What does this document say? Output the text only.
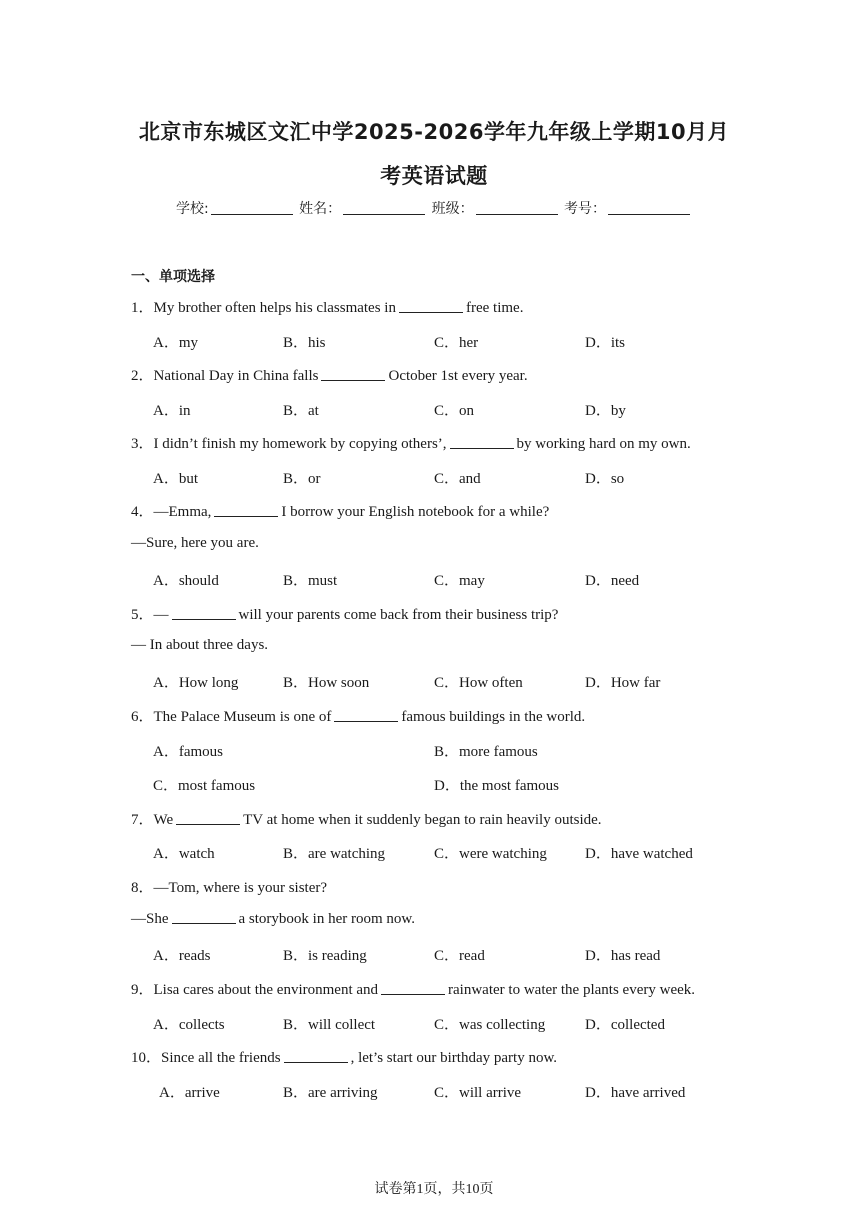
北京市东城区文汇中学2025-2026学年九年级上学期10月月
考英语试题
学校:	姓名：	班级：	考号：
一、单项选择
1．My brother often helps his classmates in	free time.
A．my	B．his	C．her	D．its
2．National Day in China falls	October 1st every year.
A．in	B．at	C．on	D．by
3．I didn’t finish my homework by copying others’,	by working hard on my own.
A．but	B．or	C．and	D．so
4．—Emma,	I borrow your English notebook for a while?
—Sure, here you are.
A．should	B．must	C．may	D．need
5．—	will your parents come back from their business trip?
— In about three days.
A．How long	B．How soon	C．How often	D．How far
6．The Palace Museum is one of	famous buildings in the world.
A．famous	B．more famous
C．most famous	D．the most famous
7．We	TV at home when it suddenly began to rain heavily outside.
A．watch	B．are watching	C．were watching	D．have watched
8．—Tom, where is your sister?
—She	a storybook in her room now.
A．reads	B．is reading	C．read	D．has read
9．Lisa cares about the environment and	rainwater to water the plants every week.
A．collects	B．will collect	C．was collecting	D．collected
10．Since all the friends	, let’s start our birthday party now.
A．arrive	B．are arriving	C．will arrive	D．have arrived
试卷第1页，共10页
